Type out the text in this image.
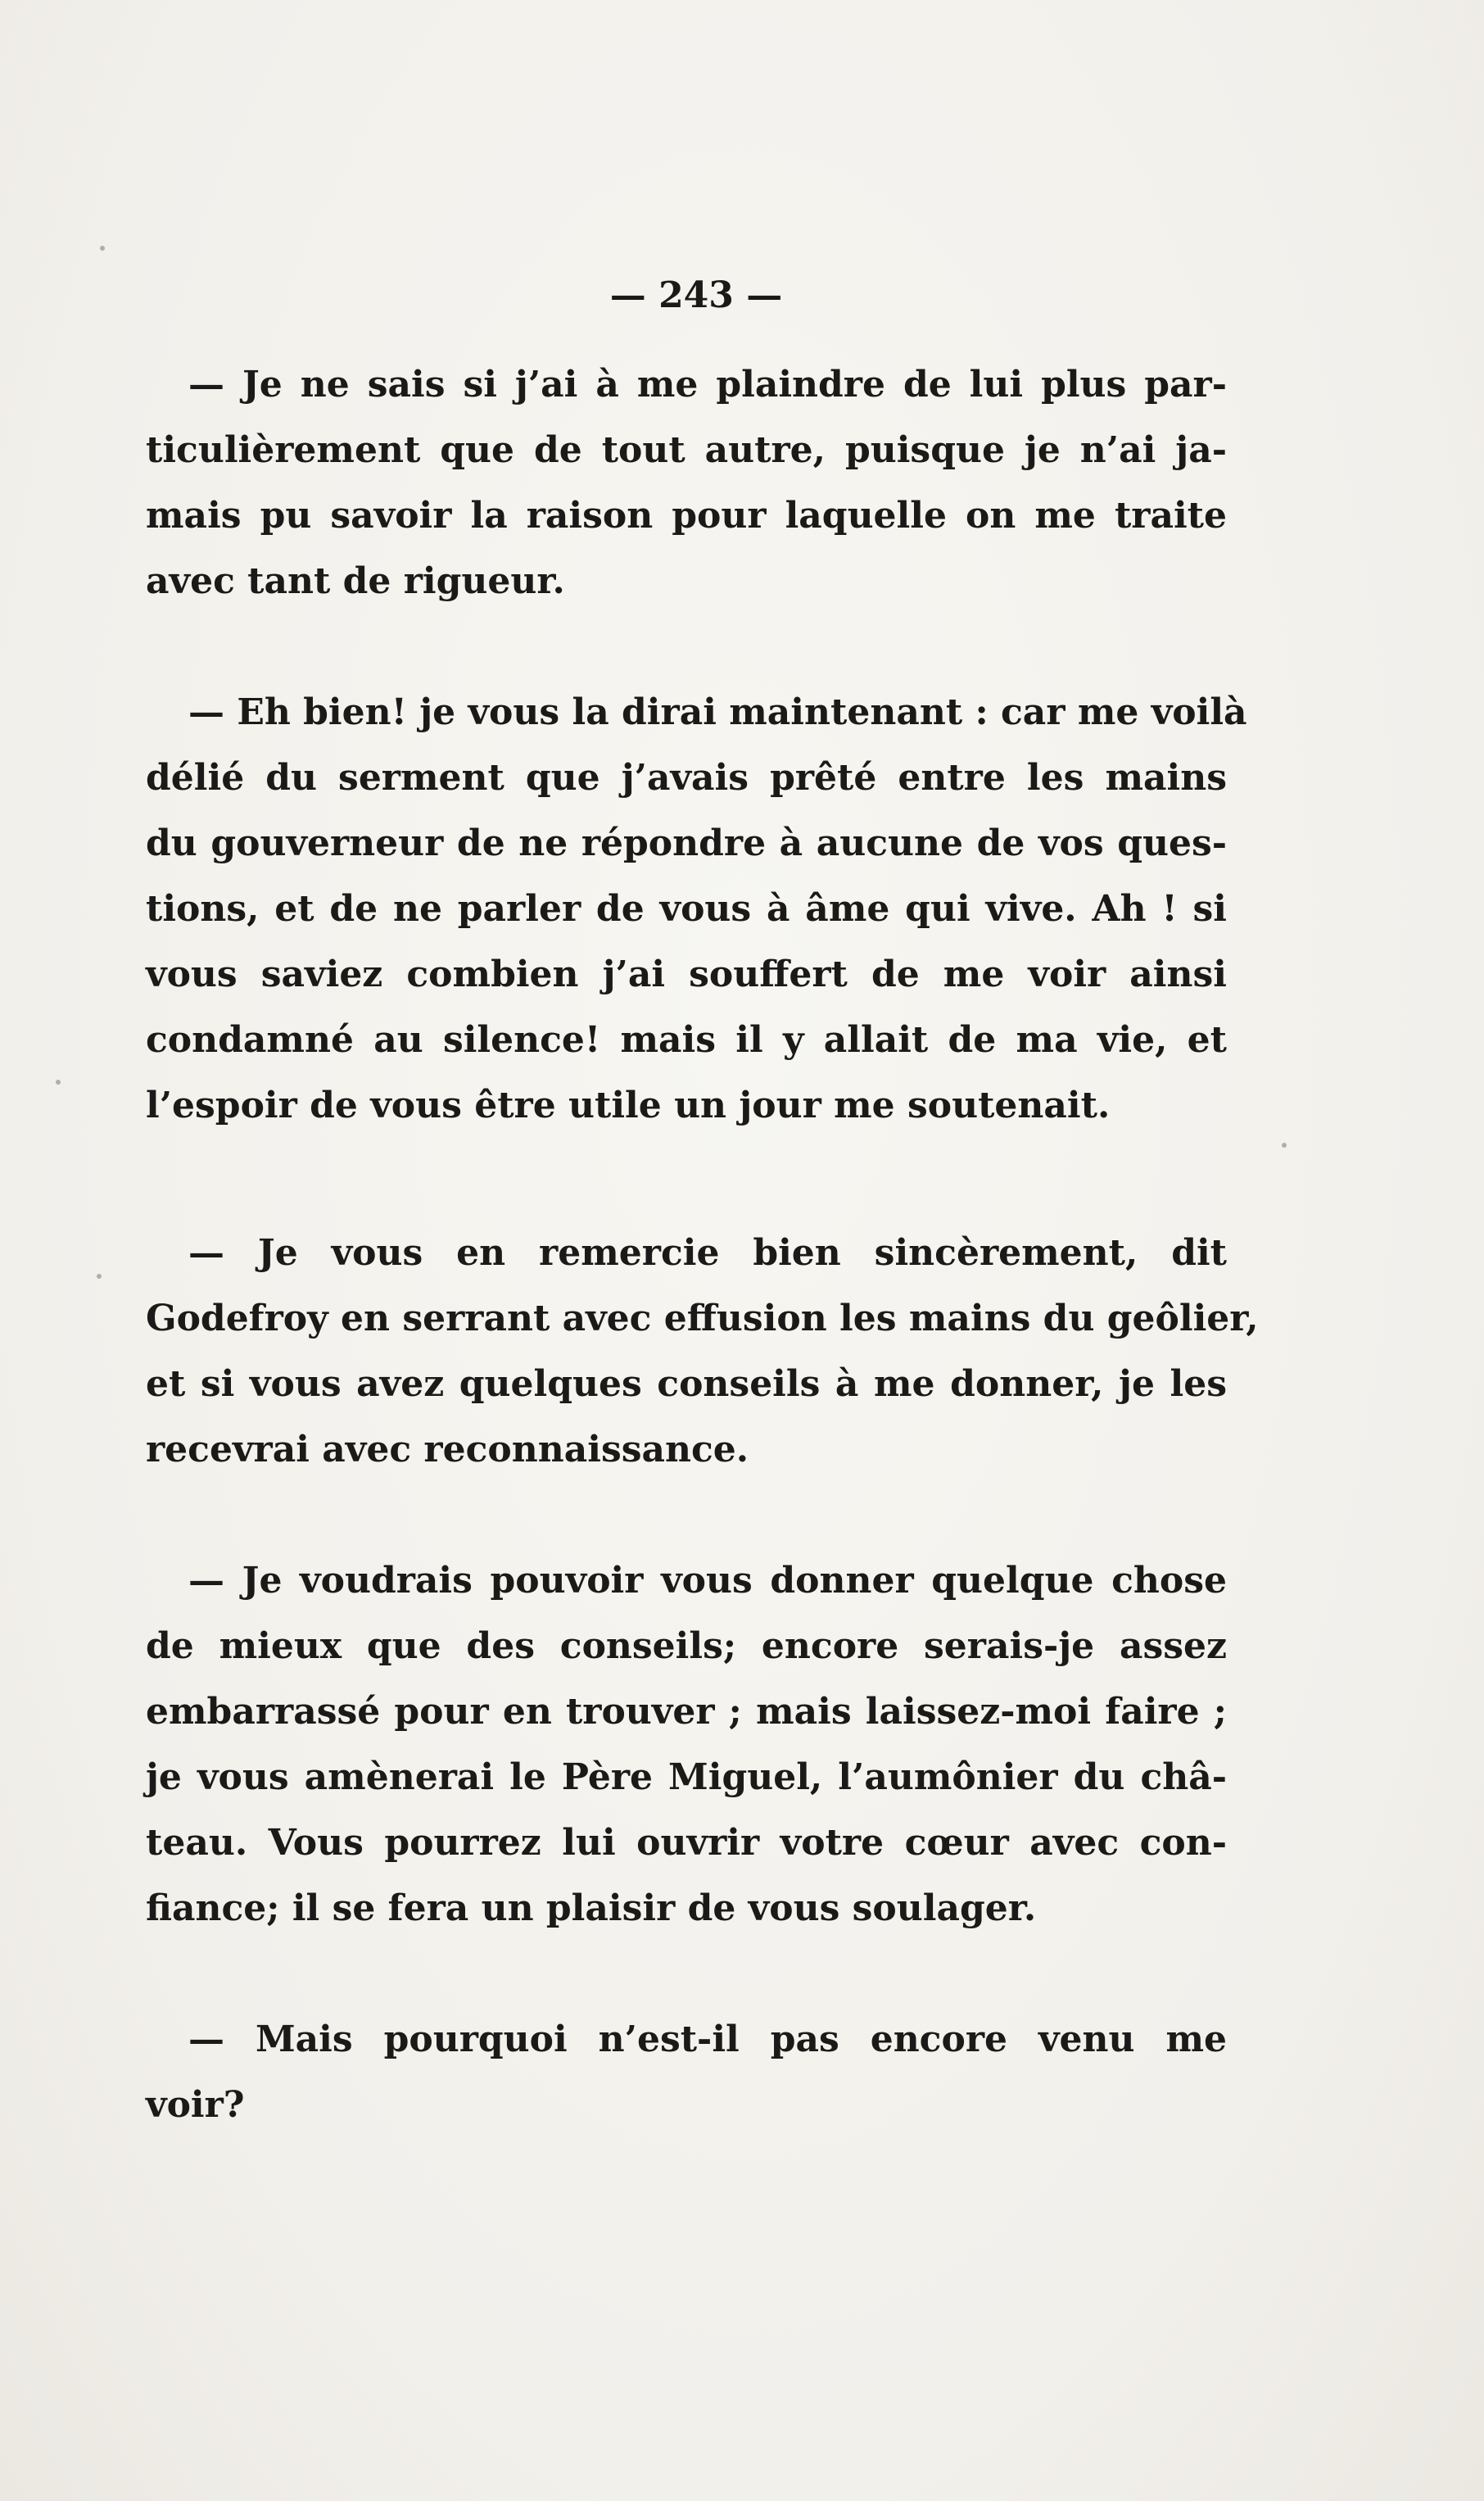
— 243 —
— Je ne sais si j’ai à me plaindre de lui plus par-
ticulièrement que de tout autre, puisque je n’ai ja-
mais pu savoir la raison pour laquelle on me traite
avec tant de rigueur.
— Eh bien! je vous la dirai maintenant : car me voilà
délié du serment que j’avais prêté entre les mains
du gouverneur de ne répondre à aucune de vos ques-
tions, et de ne parler de vous à âme qui vive. Ah ! si
vous saviez combien j’ai souffert de me voir ainsi
condamné au silence! mais il y allait de ma vie, et
l’espoir de vous être utile un jour me soutenait.
— Je vous en remercie bien sincèrement, dit
Godefroy en serrant avec effusion les mains du geôlier,
et si vous avez quelques conseils à me donner, je les
recevrai avec reconnaissance.
— Je voudrais pouvoir vous donner quelque chose
de mieux que des conseils; encore serais-je assez
embarrassé pour en trouver ; mais laissez-moi faire ;
je vous amènerai le Père Miguel, l’aumônier du châ-
teau. Vous pourrez lui ouvrir votre cœur avec con-
fiance; il se fera un plaisir de vous soulager.
— Mais pourquoi n’est-il pas encore venu me
voir?
